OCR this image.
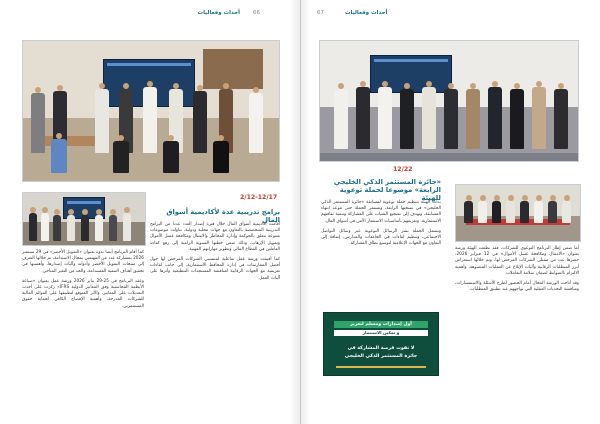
أحداث وفعاليات 66
2/12-12/17
برامج تدريبية عدة لأكاديمية أسواق المال

أقامت أكاديمية أسواق المال خلال فترة إصدار العدد عددا من البرامج التدريبية المتخصصة بالتعاون مع جهات محلية ودولية، تناولت موضوعات متنوعة تتعلق بالحوكمة وإدارة المخاطر والامتثال ومكافحة غسل الأموال وتمويل الإرهاب، وذلك ضمن خطتها السنوية الرامية إلى رفع كفاءة العاملين في القطاع المالي وتطوير مهاراتهم المهنية.

كما أقيمت ورشة عمل تفاعلية لمنتسبي الشركات المرخص لها حول أفضل الممارسات في إدارة المحافظ الاستثمارية، إلى جانب لقاءات تعريفية مع الجهات الرقابية لمناقشة المستجدات التنظيمية وأثرها على آليات العمل.

كما أقام البرنامج أيضا ندوة بعنوان «التمويل الأخضر» في 29 سبتمبر 2026 بمشاركة عدد من المهتمين بمجال الاستدامة، تم خلالها التعرف إلى منتجات التمويل الأخضر وأدواته وآليات إصدارها، وأهميتها في تحقيق أهداف التنمية المستدامة، والحد من التغير المناخي.

وعقد البرنامج في 25-29 يناير 2026 ورشة عمل بعنوان «صياغة الأنظمة المحاسبية وفق المعايير الدولية IFRS» ركزت على أحدث التعديلات على المعايير، والأثر المتوقع لتطبيقها على القوائم المالية للشركات المدرجة، وأهمية الإفصاح الكافي لحماية حقوق المستثمرين.

أحداث وفعاليات
67
12/22
«جائزة المستثمر الذكي الخليجي الرابعة» موضوعا لحملة توعوية للهيئة

بدأت الهيئة بتنظيم حملة توعوية لمسابقة «جائزة المستثمر الذكي الخليجي» في نسختها الرابعة، وتستمر الحملة حتى موعد انتهاء المسابقة، وتهدف إلى تشجيع الشباب على المشاركة وتنمية ثقافتهم الاستثمارية، وتعريفهم بأساسيات الاستثمار الآمن في أسواق المال.

وتشمل الحملة نشر الرسائل التوعوية عبر وسائل التواصل الاجتماعي، وتنظيم لقاءات في الجامعات والمدارس، إضافة إلى التعاون مع الجهات الإعلامية لتوسيع نطاق المشاركة.

أما ضمن إطار البرنامج التوعوي للشركات، فقد نظمت الهيئة ورشة بعنوان «الامتثال ومكافحة غسل الأموال» في 12 فبراير 2026، حضرها عدد من ممثلي الشركات المرخص لها، وتم خلالها استعراض أبرز المتطلبات الرقابية وآليات الإبلاغ عن العمليات المشبوهة، وأهمية الالتزام بالضوابط لضمان سلامة التعاملات.

وقد أتاحت الورشة المجال أمام الحضور لطرح الأسئلة والاستفسارات، ومناقشة التحديات العملية التي تواجههم عند تطبيق المتطلبات.

أول إصدارات ومسلم لتعزيز
و تمكين الاستثمار
لا تفوت فرصة المشاركة في
جائزة المستثمر الذكي الخليجي
